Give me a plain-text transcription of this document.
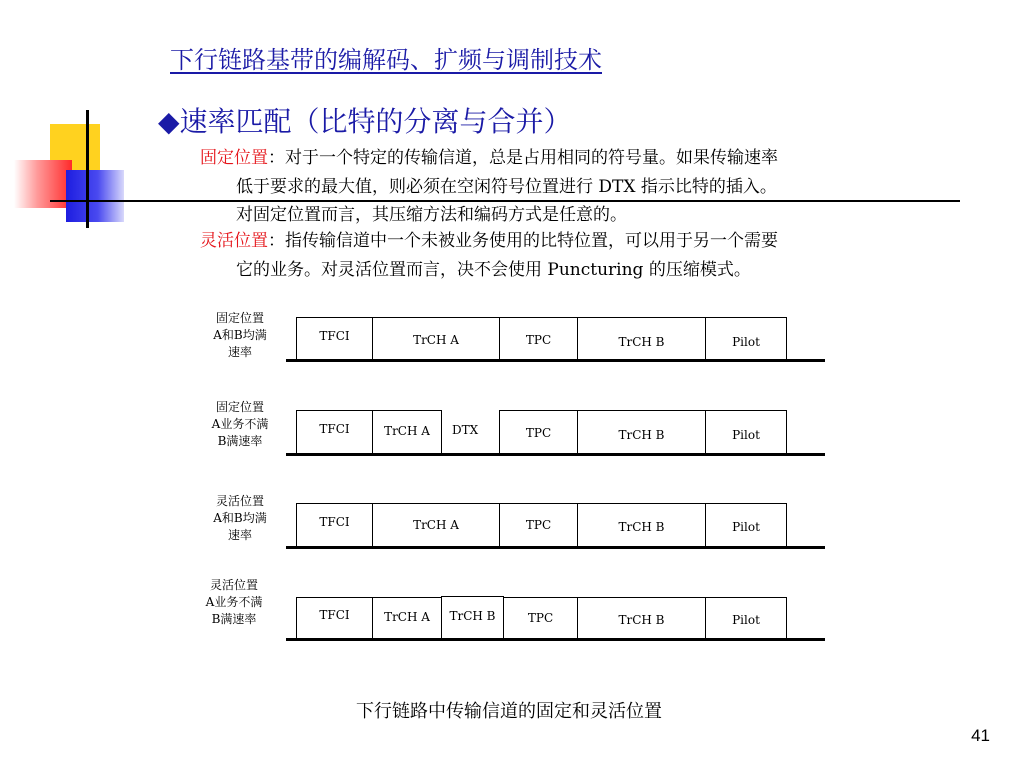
下行链路基带的编解码、扩频与调制技术
◆速率匹配（比特的分离与合并）
固定位置：对于一个特定的传输信道，总是占用相同的符号量。如果传输速率
低于要求的最大值，则必须在空闲符号位置进行 DTX 指示比特的插入。
对固定位置而言，其压缩方法和编码方式是任意的。
灵活位置：指传输信道中一个未被业务使用的比特位置，可以用于另一个需要
它的业务。对灵活位置而言，决不会使用 Puncturing 的压缩模式。
固定位置
A和B均满
速率
TFCI	TrCH A	TPC	TrCH B	Pilot
固定位置
A业务不满
B满速率
TFCI	TrCH A	DTX	TPC	TrCH B	Pilot
灵活位置
A和B均满
速率
TFCI	TrCH A	TPC	TrCH B	Pilot
灵活位置
A业务不满
B满速率	TFCI	TrCH A	TrCH B	TPC	TrCH B	Pilot
下行链路中传输信道的固定和灵活位置
41
